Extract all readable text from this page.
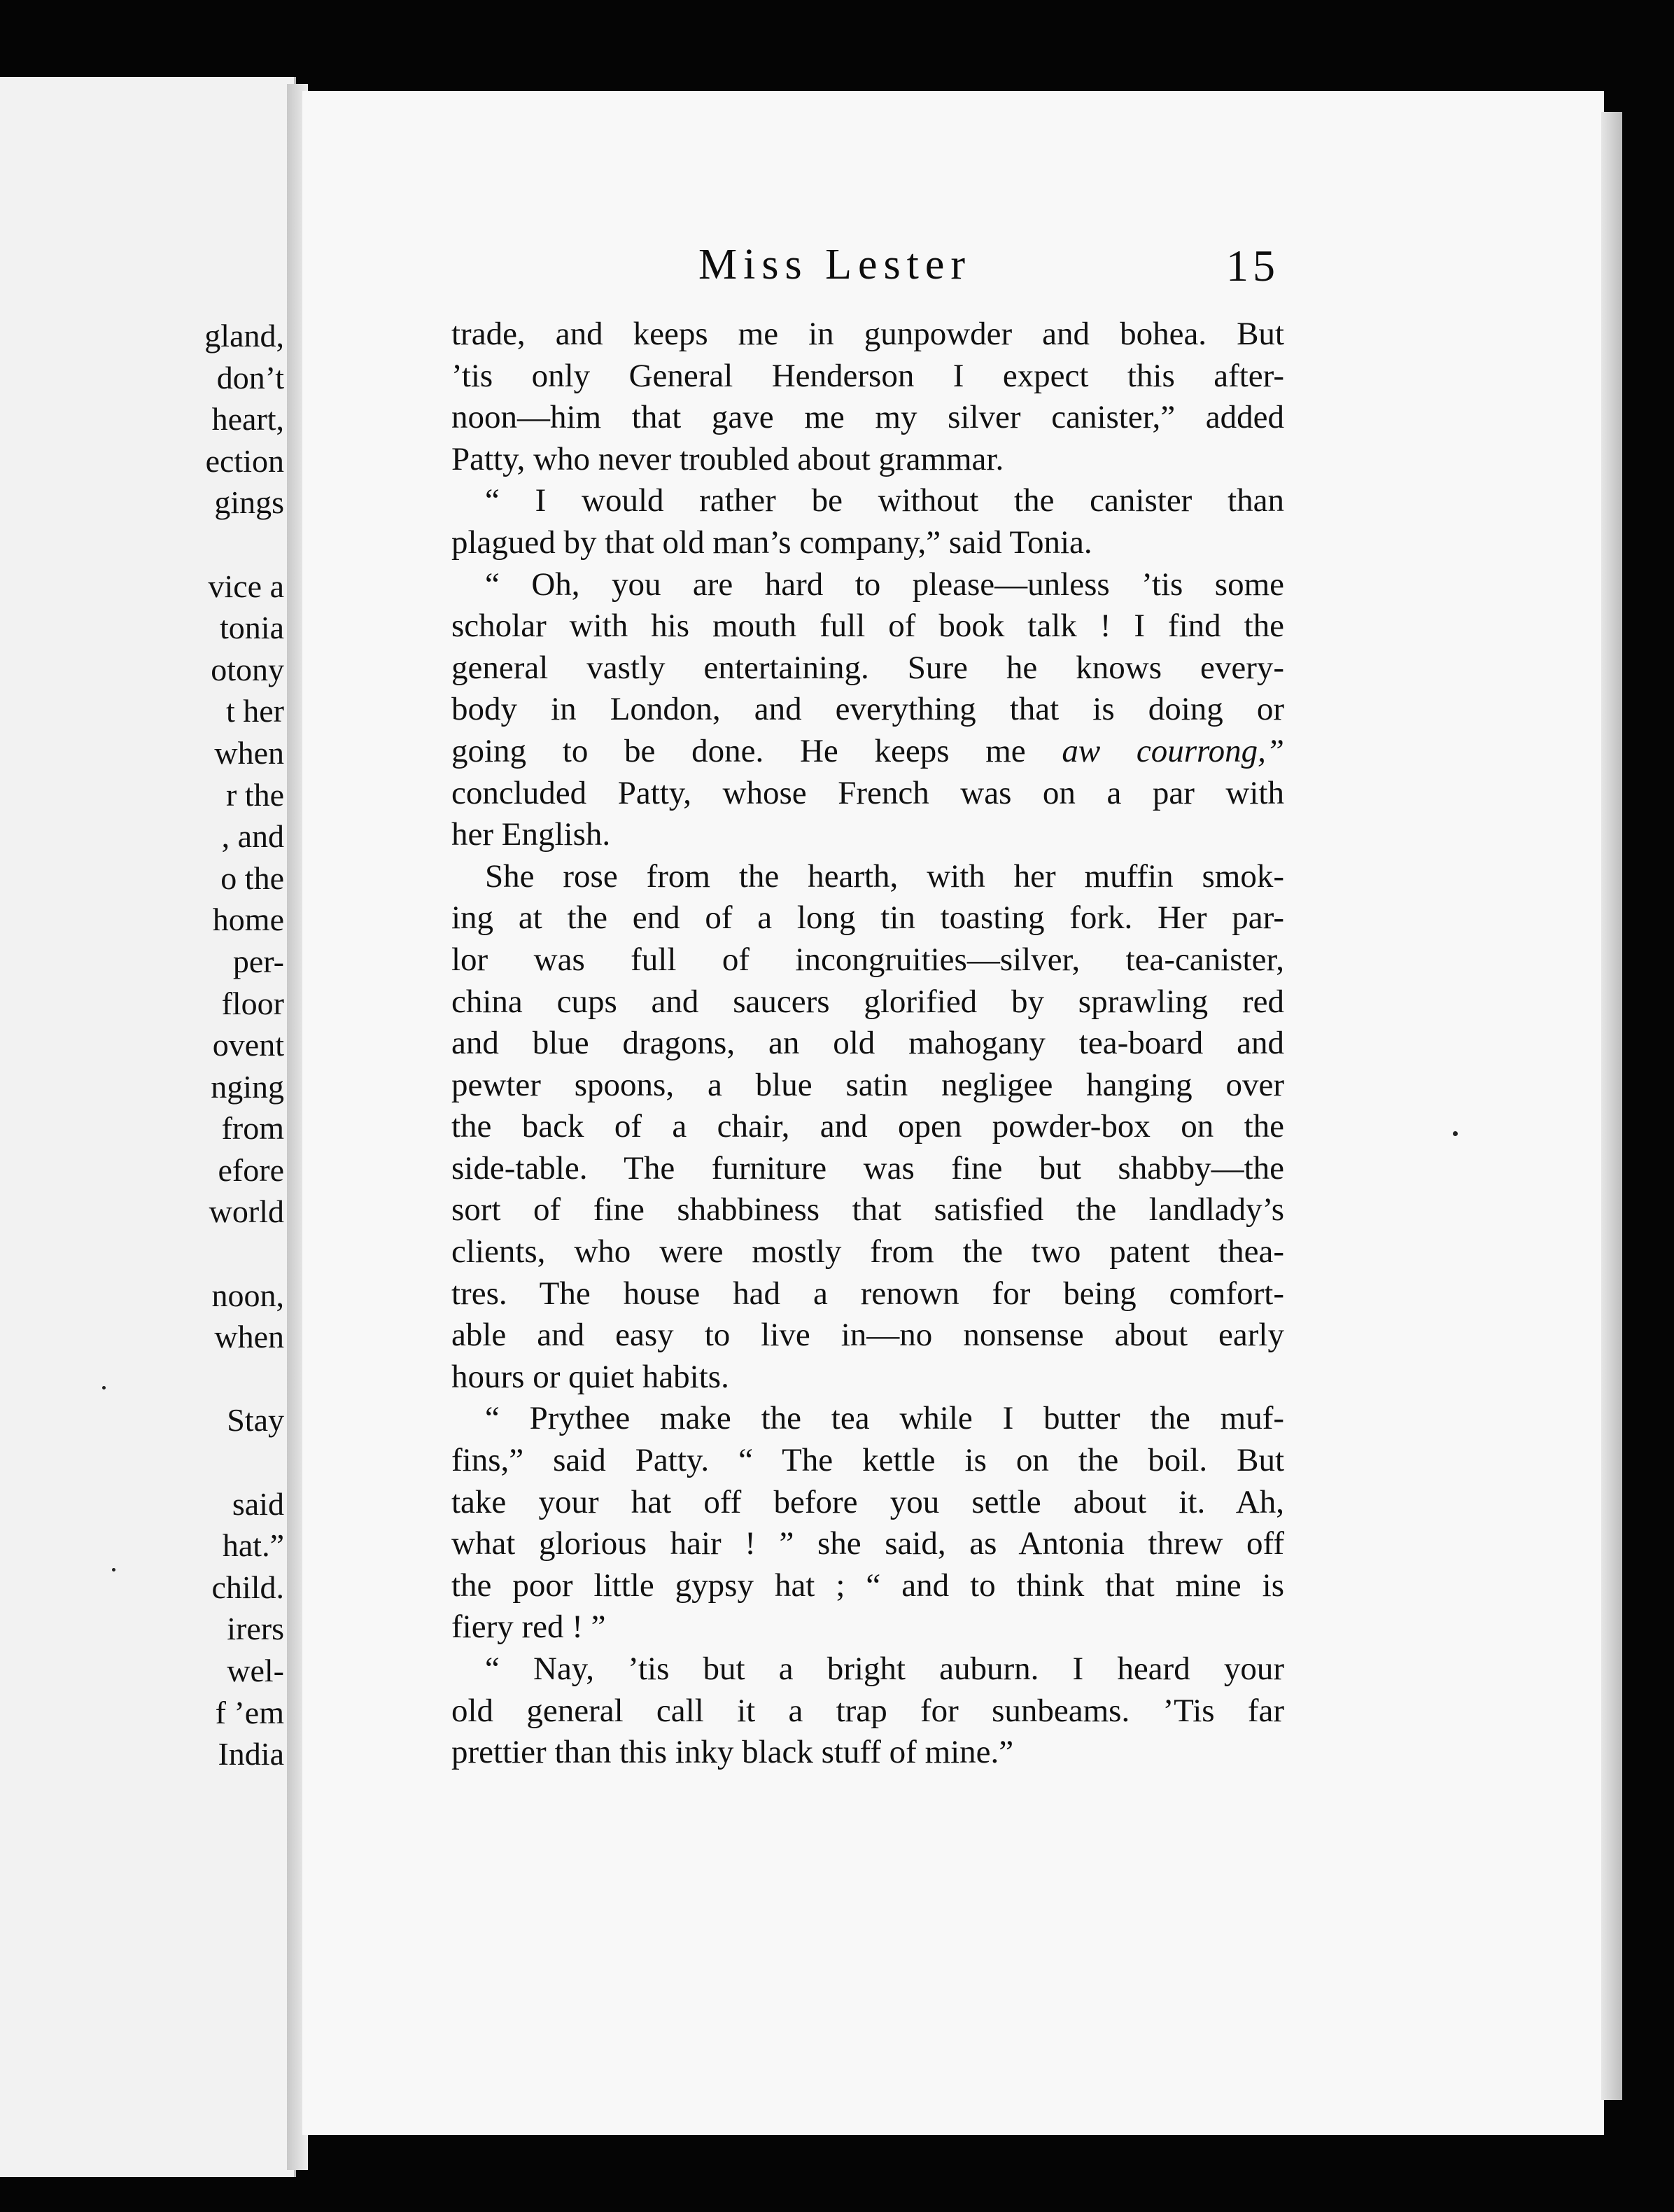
gland,
don’t
heart,
ection
gings

vice a
tonia
otony
t her
when
r the
, and
o the
home
per-
floor
ovent
nging
from
efore
world

noon,
when

Stay

said
hat.”
child.
irers
wel-
f ’em
India
Miss Lester	15

trade, and keeps me in gunpowder and bohea. But
’tis only General Henderson I expect this after-
noon—him that gave me my silver canister,” added
Patty, who never troubled about grammar.

“ I would rather be without the canister than
plagued by that old man’s company,” said Tonia.

“ Oh, you are hard to please—unless ’tis some
scholar with his mouth full of book talk ! I find the
general vastly entertaining. Sure he knows every-
body in London, and everything that is doing or
going to be done. He keeps me aw courrong,”
concluded Patty, whose French was on a par with
her English.

She rose from the hearth, with her muffin smok-
ing at the end of a long tin toasting fork. Her par-
lor was full of incongruities—silver, tea-canister,
china cups and saucers glorified by sprawling red
and blue dragons, an old mahogany tea-board and
pewter spoons, a blue satin negligee hanging over
the back of a chair, and open powder-box on the
side-table. The furniture was fine but shabby—the
sort of fine shabbiness that satisfied the landlady’s
clients, who were mostly from the two patent thea-
tres. The house had a renown for being comfort-
able and easy to live in—no nonsense about early
hours or quiet habits.

“ Prythee make the tea while I butter the muf-
fins,” said Patty. “ The kettle is on the boil. But
take your hat off before you settle about it. Ah,
what glorious hair ! ” she said, as Antonia threw off
the poor little gypsy hat ; “ and to think that mine is
fiery red ! ”

“ Nay, ’tis but a bright auburn. I heard your
old general call it a trap for sunbeams. ’Tis far
prettier than this inky black stuff of mine.”
